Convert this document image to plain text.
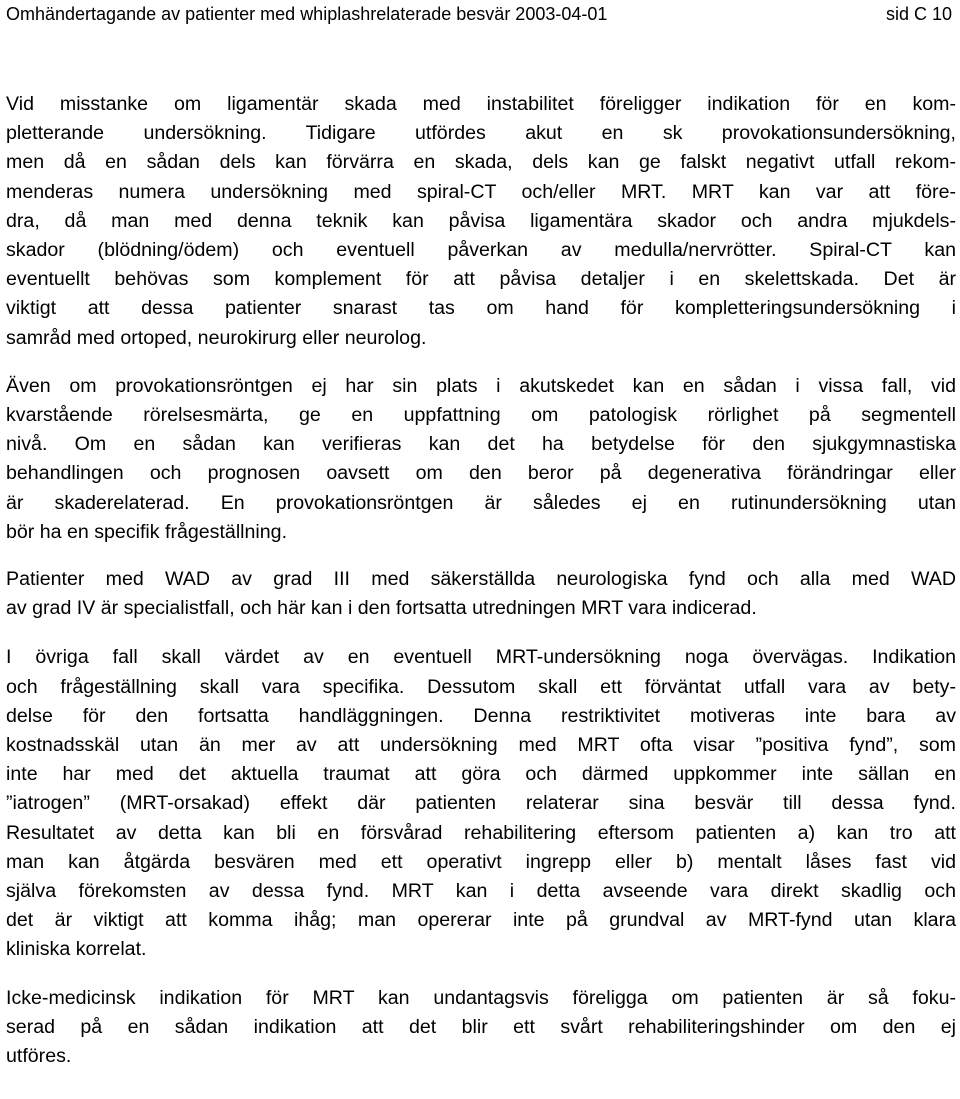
Omhändertagande av patienter med whiplashrelaterade besvär 2003-04-01	sid C 10
Vid misstanke om ligamentär skada med instabilitet föreligger indikation för en kom-
pletterande undersökning. Tidigare utfördes akut en sk provokationsundersökning,
men då en sådan dels kan förvärra en skada, dels kan ge falskt negativt utfall rekom-
menderas numera undersökning med spiral-CT och/eller MRT. MRT kan var att före-
dra, då man med denna teknik kan påvisa ligamentära skador och andra mjukdels-
skador (blödning/ödem) och eventuell påverkan av medulla/nervrötter. Spiral-CT kan
eventuellt behövas som komplement för att påvisa detaljer i en skelettskada. Det är
viktigt att dessa patienter snarast tas om hand för kompletteringsundersökning i
samråd med ortoped, neurokirurg eller neurolog.
Även om provokationsröntgen ej har sin plats i akutskedet kan en sådan i vissa fall, vid
kvarstående rörelsesmärta, ge en uppfattning om patologisk rörlighet på segmentell
nivå. Om en sådan kan verifieras kan det ha betydelse för den sjukgymnastiska
behandlingen och prognosen oavsett om den beror på degenerativa förändringar eller
är skaderelaterad. En provokationsröntgen är således ej en rutinundersökning utan
bör ha en specifik frågeställning.
Patienter med WAD av grad III med säkerställda neurologiska fynd och alla med WAD
av grad IV är specialistfall, och här kan i den fortsatta utredningen MRT vara indicerad.
I övriga fall skall värdet av en eventuell MRT-undersökning noga övervägas. Indikation
och frågeställning skall vara specifika. Dessutom skall ett förväntat utfall vara av bety-
delse för den fortsatta handläggningen. Denna restriktivitet motiveras inte bara av
kostnadsskäl utan än mer av att undersökning med MRT ofta visar ”positiva fynd”, som
inte har med det aktuella traumat att göra och därmed uppkommer inte sällan en
”iatrogen” (MRT-orsakad) effekt där patienten relaterar sina besvär till dessa fynd.
Resultatet av detta kan bli en försvårad rehabilitering eftersom patienten a) kan tro att
man kan åtgärda besvären med ett operativt ingrepp eller b) mentalt låses fast vid
själva förekomsten av dessa fynd. MRT kan i detta avseende vara direkt skadlig och
det är viktigt att komma ihåg; man opererar inte på grundval av MRT-fynd utan klara
kliniska korrelat.
Icke-medicinsk indikation för MRT kan undantagsvis föreligga om patienten är så foku-
serad på en sådan indikation att det blir ett svårt rehabiliteringshinder om den ej
utföres.
